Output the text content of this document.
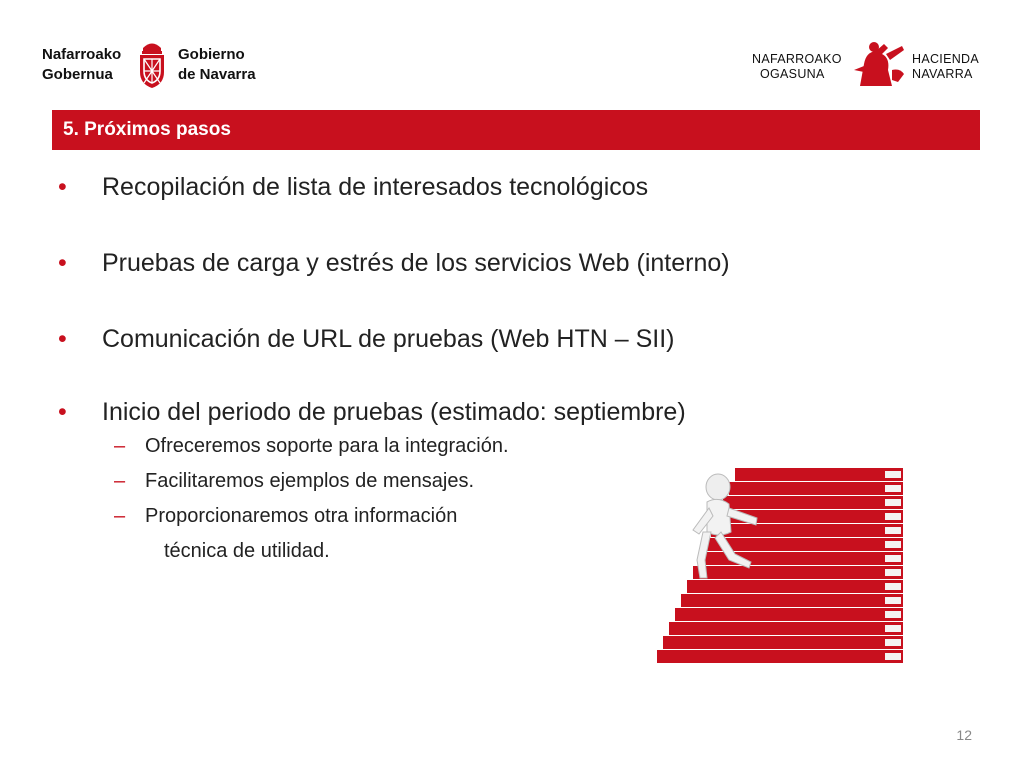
Nafarroako
Gobernua
Gobierno
de Navarra
NAFARROAKO
OGASUNA
HACIENDA
NAVARRA
5. Próximos pasos
• Recopilación de lista de interesados tecnológicos
• Pruebas de carga y estrés de los servicios Web (interno)
• Comunicación de URL de pruebas (Web HTN – SII)
• Inicio del periodo de pruebas (estimado: septiembre)
– Ofreceremos soporte para la integración.
– Facilitaremos ejemplos de mensajes.
– Proporcionaremos otra información
técnica de utilidad.
12
